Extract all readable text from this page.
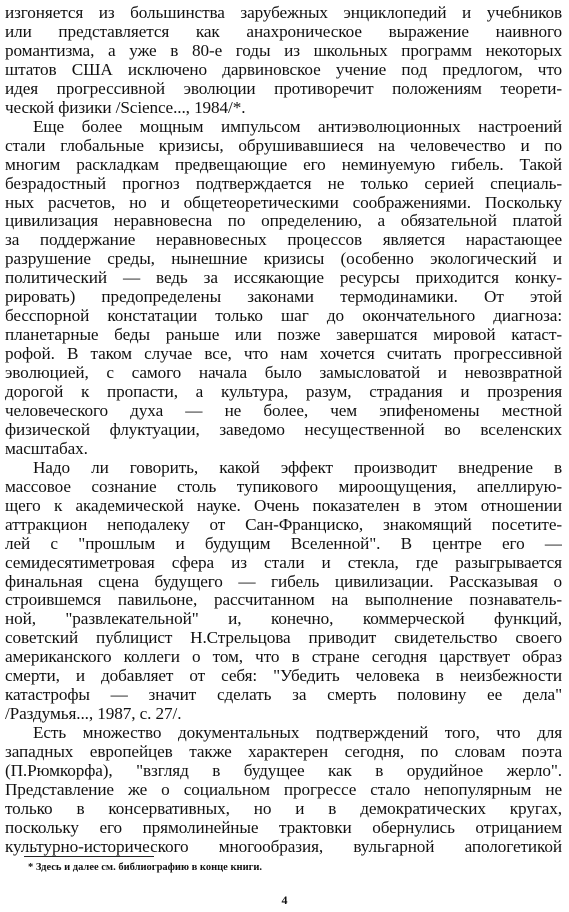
изгоняется из большинства зарубежных энциклопедий и учебников
или представляется как анахроническое выражение наивного
романтизма, а уже в 80-е годы из школьных программ некоторых
штатов США исключено дарвиновское учение под предлогом, что
идея прогрессивной эволюции противоречит положениям теорети-
ческой физики /Science..., 1984/*.
Еще более мощным импульсом антиэволюционных настроений
стали глобальные кризисы, обрушивавшиеся на человечество и по
многим раскладкам предвещающие его неминуемую гибель. Такой
безрадостный прогноз подтверждается не только серией специаль-
ных расчетов, но и общетеоретическими соображениями. Поскольку
цивилизация неравновесна по определению, а обязательной платой
за поддержание неравновесных процессов является нарастающее
разрушение среды, нынешние кризисы (особенно экологический и
политический — ведь за иссякающие ресурсы приходится конку-
рировать) предопределены законами термодинамики. От этой
бесспорной констатации только шаг до окончательного диагноза:
планетарные беды раньше или позже завершатся мировой катаст-
рофой. В таком случае все, что нам хочется считать прогрессивной
эволюцией, с самого начала было замысловатой и невозвратной
дорогой к пропасти, а культура, разум, страдания и прозрения
человеческого духа — не более, чем эпифеномены местной
физической флуктуации, заведомо несущественной во вселенских
масштабах.
Надо ли говорить, какой эффект производит внедрение в
массовое сознание столь тупикового мироощущения, апеллирую-
щего к академической науке. Очень показателен в этом отношении
аттракцион неподалеку от Сан-Франциско, знакомящий посетите-
лей с "прошлым и будущим Вселенной". В центре его —
семидесятиметровая сфера из стали и стекла, где разыгрывается
финальная сцена будущего — гибель цивилизации. Рассказывая о
строившемся павильоне, рассчитанном на выполнение познаватель-
ной, "развлекательной" и, конечно, коммерческой функций,
советский публицист Н.Стрельцова приводит свидетельство своего
американского коллеги о том, что в стране сегодня царствует образ
смерти, и добавляет от себя: "Убедить человека в неизбежности
катастрофы — значит сделать за смерть половину ее дела"
/Раздумья..., 1987, с. 27/.
Есть множество документальных подтверждений того, что для
западных европейцев также характерен сегодня, по словам поэта
(П.Рюмкорфа), "взгляд в будущее как в орудийное жерло".
Представление же о социальном прогрессе стало непопулярным не
только в консервативных, но и в демократических кругах,
поскольку его прямолинейные трактовки обернулись отрицанием
культурно-исторического многообразия, вульгарной апологетикой
* Здесь и далее см. библиографию в конце книги.
4
